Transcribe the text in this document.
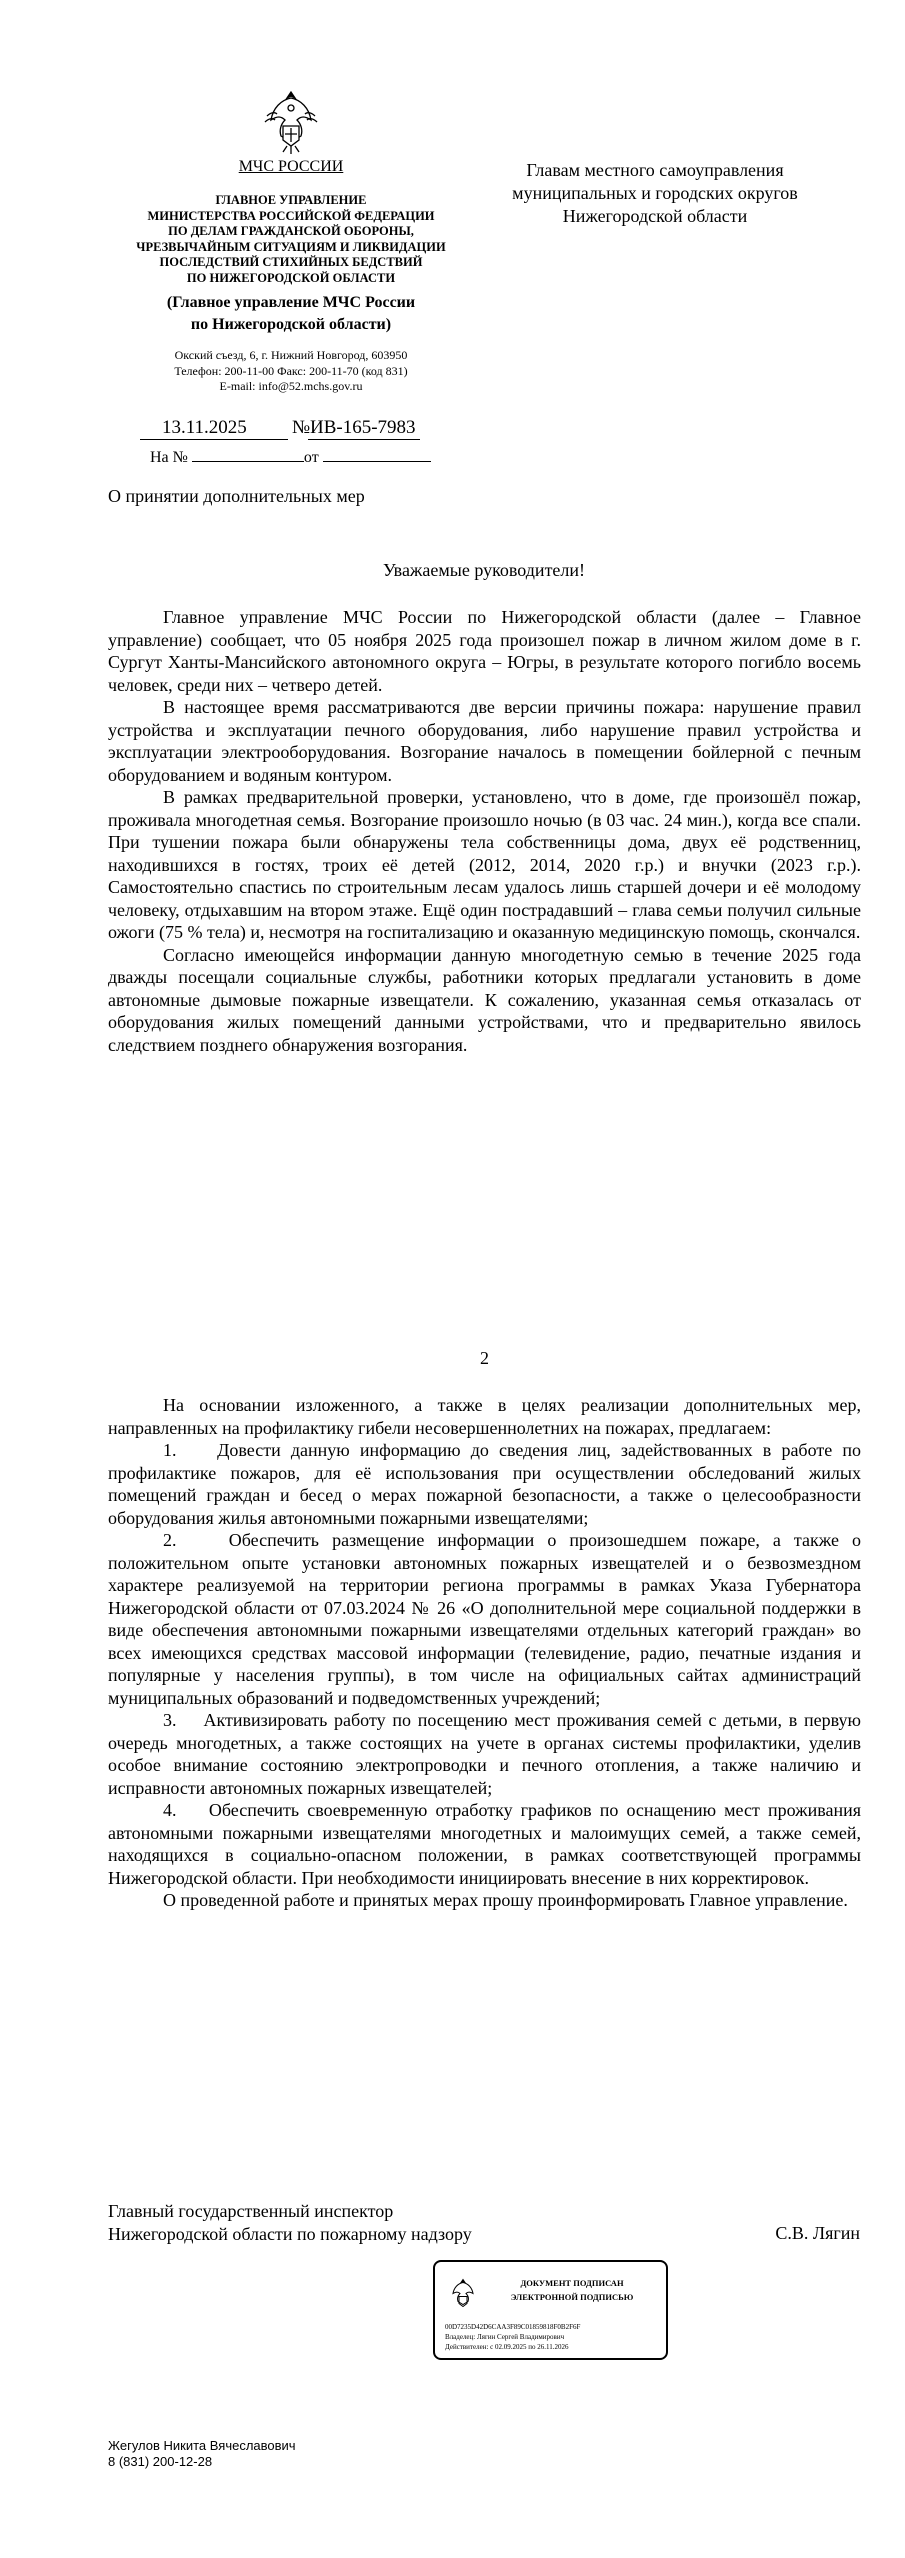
МЧС РОССИИ
ГЛАВНОЕ УПРАВЛЕНИЕ
МИНИСТЕРСТВА РОССИЙСКОЙ ФЕДЕРАЦИИ
ПО ДЕЛАМ ГРАЖДАНСКОЙ ОБОРОНЫ,
ЧРЕЗВЫЧАЙНЫМ СИТУАЦИЯМ И ЛИКВИДАЦИИ
ПОСЛЕДСТВИЙ СТИХИЙНЫХ БЕДСТВИЙ
ПО НИЖЕГОРОДСКОЙ ОБЛАСТИ
(Главное управление МЧС России
по Нижегородской области)
Окский съезд, 6, г. Нижний Новгород, 603950
Телефон: 200-11-00 Факс: 200-11-70 (код 831)
E-mail: info@52.mchs.gov.ru
13.11.2025 № ИВ-165-7983
На №	от
Главам местного самоуправления
муниципальных и городских округов
Нижегородской области
О принятии дополнительных мер
Уважаемые руководители!

Главное управление МЧС России по Нижегородской области (далее – Главное управление) сообщает, что 05 ноября 2025 года произошел пожар в личном жилом доме в г. Сургут Ханты-Мансийского автономного округа – Югры, в результате которого погибло восемь человек, среди них – четверо детей.

В настоящее время рассматриваются две версии причины пожара: нарушение правил устройства и эксплуатации печного оборудования, либо нарушение правил устройства и эксплуатации электрооборудования. Возгорание началось в помещении бойлерной с печным оборудованием и водяным контуром.

В рамках предварительной проверки, установлено, что в доме, где произошёл пожар, проживала многодетная семья. Возгорание произошло ночью (в 03 час. 24 мин.), когда все спали. При тушении пожара были обнаружены тела собственницы дома, двух её родственниц, находившихся в гостях, троих её детей (2012, 2014, 2020 г.р.) и внучки (2023 г.р.). Самостоятельно спастись по строительным лесам удалось лишь старшей дочери и её молодому человеку, отдыхавшим на втором этаже. Ещё один пострадавший – глава семьи получил сильные ожоги (75 % тела) и, несмотря на госпитализацию и оказанную медицинскую помощь, скончался.

Согласно имеющейся информации данную многодетную семью в течение 2025 года дважды посещали социальные службы, работники которых предлагали установить в доме автономные дымовые пожарные извещатели. К сожалению, указанная семья отказалась от оборудования жилых помещений данными устройствами, что и предварительно явилось следствием позднего обнаружения возгорания.

2

На основании изложенного, а также в целях реализации дополнительных мер, направленных на профилактику гибели несовершеннолетних на пожарах, предлагаем:

1.    Довести данную информацию до сведения лиц, задействованных в работе по профилактике пожаров, для её использования при осуществлении обследований жилых помещений граждан и бесед о мерах пожарной безопасности, а также о целесообразности оборудования жилья автономными пожарными извещателями;

2.    Обеспечить размещение информации о произошедшем пожаре, а также о положительном опыте установки автономных пожарных извещателей и о безвозмездном характере реализуемой на территории региона программы в рамках Указа Губернатора Нижегородской области от 07.03.2024 № 26 «О дополнительной мере социальной поддержки в виде обеспечения автономными пожарными извещателями отдельных категорий граждан» во всех имеющихся средствах массовой информации (телевидение, радио, печатные издания и популярные у населения группы), в том числе на официальных сайтах администраций муниципальных образований и подведомственных учреждений;

3.    Активизировать работу по посещению мест проживания семей с детьми, в первую очередь многодетных, а также состоящих на учете в органах системы профилактики, уделив особое внимание состоянию электропроводки и печного отопления, а также наличию и исправности автономных пожарных извещателей;

4.    Обеспечить своевременную отработку графиков по оснащению мест проживания автономными пожарными извещателями многодетных и малоимущих семей, а также семей, находящихся в социально-опасном положении, в рамках соответствующей программы Нижегородской области. При необходимости инициировать внесение в них корректировок.

О проведенной работе и принятых мерах прошу проинформировать Главное управление.

Главный государственный инспектор
Нижегородской области по пожарному надзору	С.В. Лягин
ДОКУМЕНТ ПОДПИСАН
ЭЛЕКТРОННОЙ ПОДПИСЬЮ
00D7235D42D6CAA3F89C01859818F0B2F6F
Владелец: Лягин Сергей Владимирович
Действителен: с 02.09.2025 по 26.11.2026
Жегулов Никита Вячеславович
8 (831) 200-12-28
